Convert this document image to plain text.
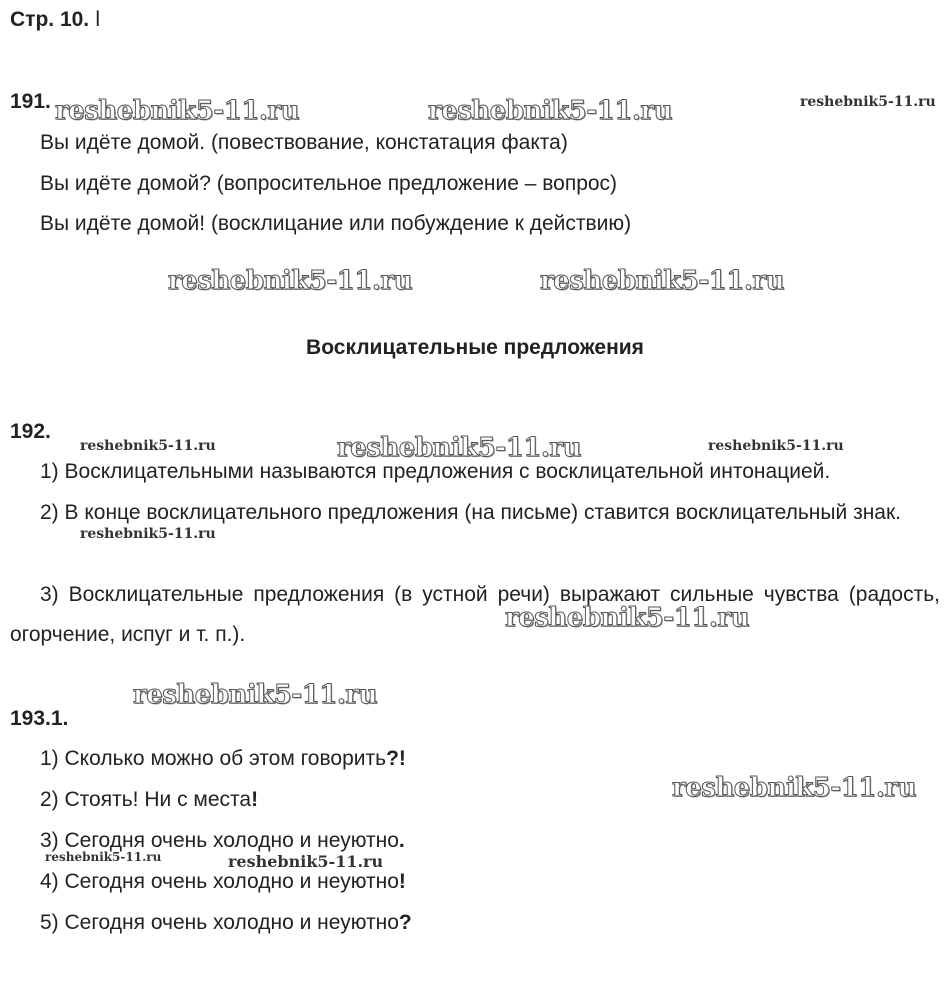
Стр. 10. ǀ
191. reshebnik5-11.ru	reshebnik5-11.ru	reshebnik5-11.ru
Вы идёте домой. (повествование, констатация факта)
Вы идёте домой? (вопросительное предложение – вопрос)
Вы идёте домой! (восклицание или побуждение к действию)
reshebnik5-11.ru	reshebnik5-11.ru
Восклицательные предложения
192.
reshebnik5-11.ru	reshebnik5-11.ru	reshebnik5-11.ru

1) Восклицательными называются предложения с восклицательной интонацией.

2) В конце восклицательного предложения (на письме) ставится восклицательный знак.

reshebnik5-11.ru

3) Восклицательные предложения (в устной речи) выражают сильные чувства (радость, огорчение, испуг и т. п.).

reshebnik5-11.ru
reshebnik5-11.ru
193.1.
1) Сколько можно об этом говорить?!
reshebnik5-11.ru
2) Стоять! Ни с места!
3) Сегодня очень холодно и неуютно.
reshebnik5-11.ru	reshebnik5-11.ru
4) Сегодня очень холодно и неуютно!
5) Сегодня очень холодно и неуютно?
